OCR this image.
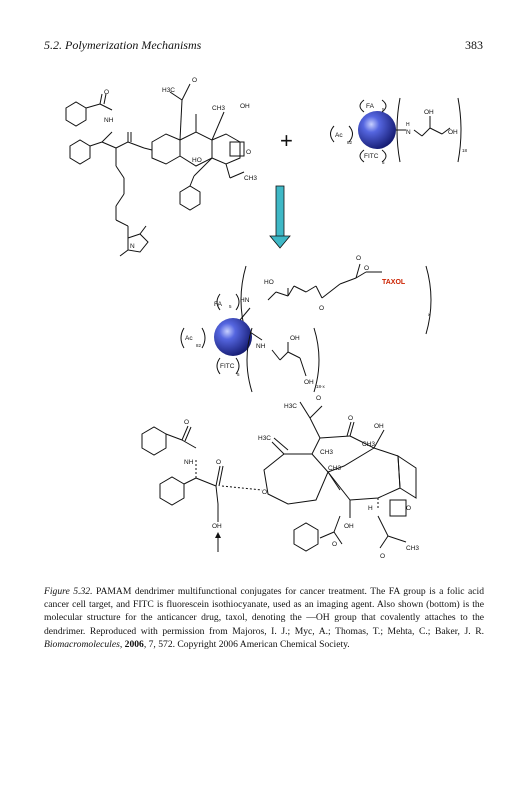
5.2. Polymerization Mechanisms	383
H3C
O
OH
CH3
NH
O
HO
CH3
O
N
+
FA 5
Ac
82
FITC
5
H
N
OH
OH
18
HO
O
O
O
TAXOL
x
FA 5
HN
Ac
82
FITC
5
NH
OH
OH
18-x
NH
O
O
OH
O
H3C
H3C
O
CH3
CH3
O
OH
CH3
OH
H	O
O
O
CH3
Figure 5.32. PAMAM dendrimer multifunctional conjugates for cancer treatment. The FA group is a folic acid cancer cell target, and FITC is fluorescein isothiocyanate, used as an imaging agent. Also shown (bottom) is the molecular structure for the anticancer drug, taxol, denoting the —OH group that covalently attaches to the dendrimer. Reproduced with permission from Majoros, I. J.; Myc, A.; Thomas, T.; Mehta, C.; Baker, J. R. Biomacromolecules, 2006, 7, 572. Copyright 2006 American Chemical Society.
